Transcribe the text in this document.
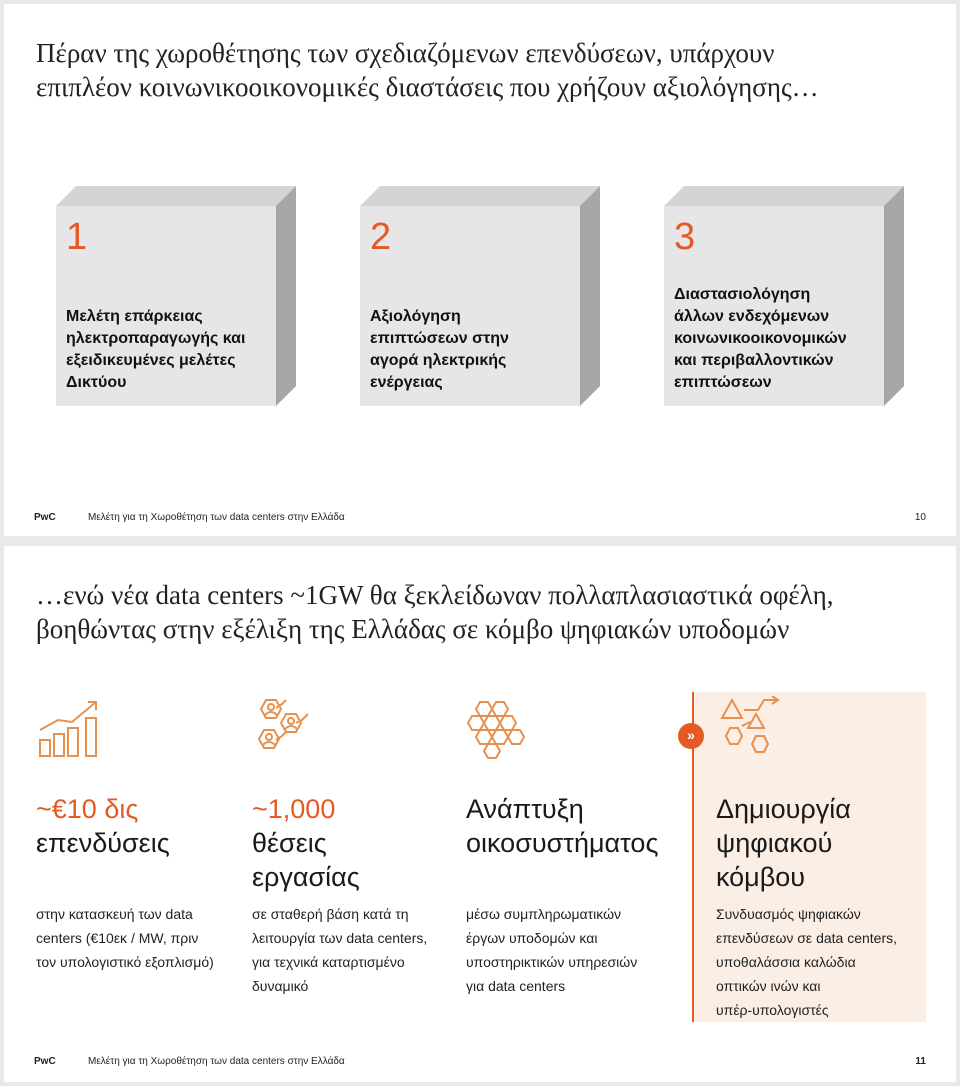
Πέραν της χωροθέτησης των σχεδιαζόμενων επενδύσεων, υπάρχουν
επιπλέον κοινωνικοοικονομικές διαστάσεις που χρήζουν αξιολόγησης…
1
Μελέτη επάρκειας
ηλεκτροπαραγωγής και
εξειδικευμένες μελέτες
Δικτύου
2
Αξιολόγηση
επιπτώσεων στην
αγορά ηλεκτρικής
ενέργειας
3
Διαστασιολόγηση
άλλων ενδεχόμενων
κοινωνικοοικονομικών
και περιβαλλοντικών
επιπτώσεων
PwC	Μελέτη για τη Χωροθέτηση των data centers στην Ελλάδα	10
…ενώ νέα data centers ~1GW θα ξεκλείδωναν πολλαπλασιαστικά οφέλη,
βοηθώντας στην εξέλιξη της Ελλάδας σε κόμβο ψηφιακών υποδομών
»
~€10 δις
επενδύσεις
στην κατασκευή των data
centers (€10εκ / MW, πριν
τον υπολογιστικό εξοπλισμό)
~1,000
θέσεις
εργασίας
σε σταθερή βάση κατά τη
λειτουργία των data centers,
για τεχνικά καταρτισμένο
δυναμικό
Ανάπτυξη
οικοσυστήματος
μέσω συμπληρωματικών
έργων υποδομών και
υποστηρικτικών υπηρεσιών
για data centers
Δημιουργία
ψηφιακού
κόμβου
Συνδυασμός ψηφιακών
επενδύσεων σε data centers,
υποθαλάσσια καλώδια
οπτικών ινών και
υπέρ-υπολογιστές
PwC	Μελέτη για τη Χωροθέτηση των data centers στην Ελλάδα	11
